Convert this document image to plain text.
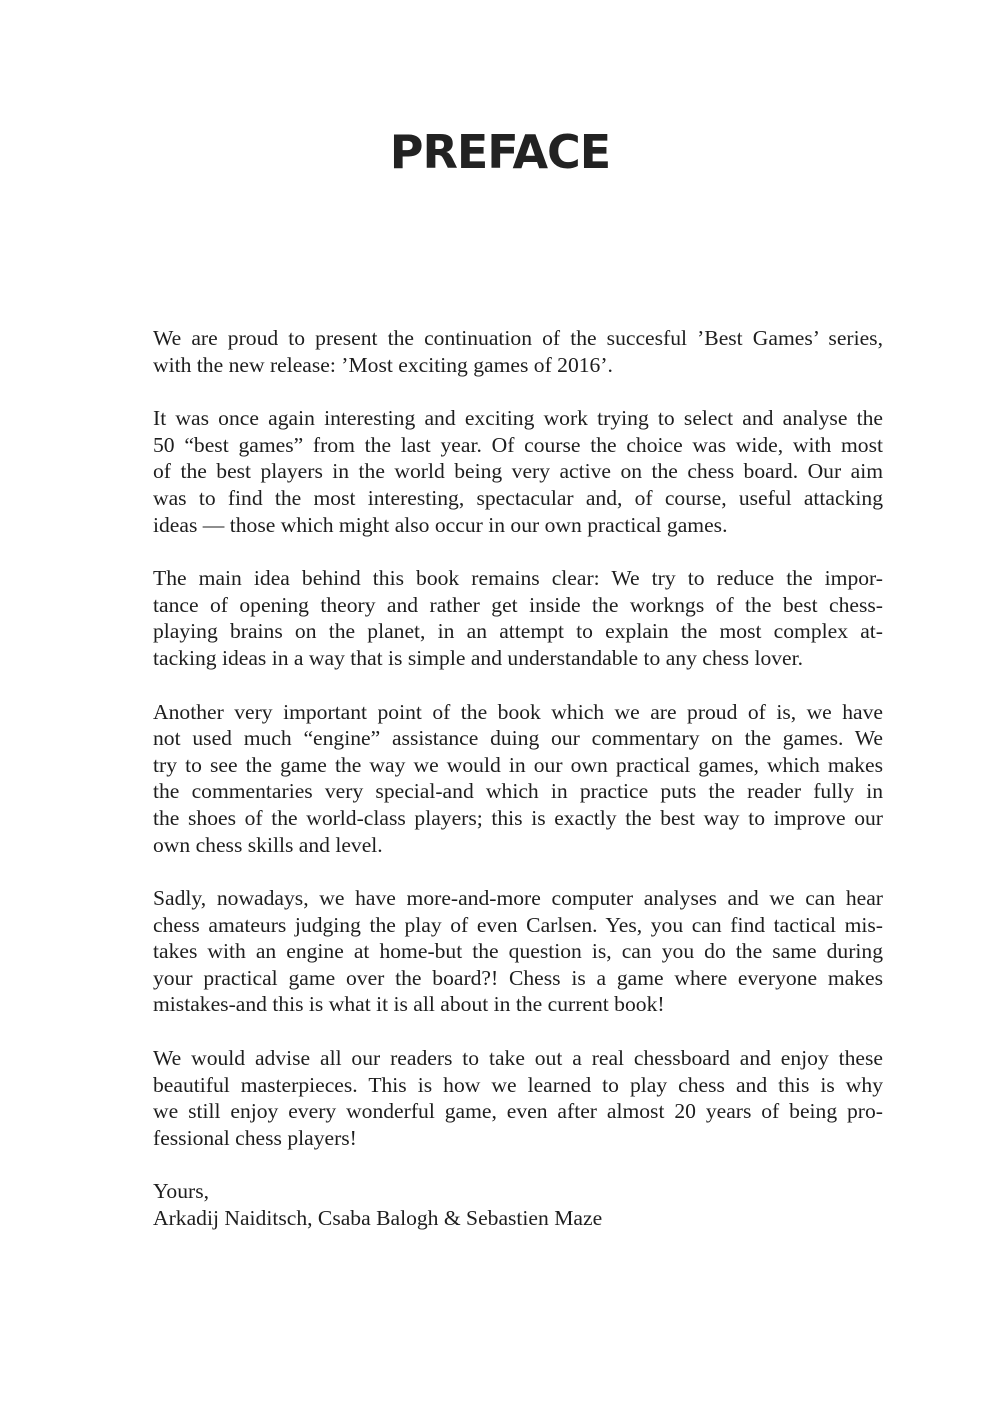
PREFACE

We are proud to present the continuation of the succesful ’Best Games’ series,
with the new release: ’Most exciting games of 2016’.

It was once again interesting and exciting work trying to select and analyse the
50 “best games” from the last year. Of course the choice was wide, with most
of the best players in the world being very active on the chess board. Our aim
was to find the most interesting, spectacular and, of course, useful attacking
ideas — those which might also occur in our own practical games.

The main idea behind this book remains clear: We try to reduce the impor-
tance of opening theory and rather get inside the workngs of the best chess-
playing brains on the planet, in an attempt to explain the most complex at-
tacking ideas in a way that is simple and understandable to any chess lover.

Another very important point of the book which we are proud of is, we have
not used much “engine” assistance duing our commentary on the games. We
try to see the game the way we would in our own practical games, which makes
the commentaries very special-and which in practice puts the reader fully in
the shoes of the world-class players; this is exactly the best way to improve our
own chess skills and level.

Sadly, nowadays, we have more-and-more computer analyses and we can hear
chess amateurs judging the play of even Carlsen. Yes, you can find tactical mis-
takes with an engine at home-but the question is, can you do the same during
your practical game over the board?! Chess is a game where everyone makes
mistakes-and this is what it is all about in the current book!

We would advise all our readers to take out a real chessboard and enjoy these
beautiful masterpieces. This is how we learned to play chess and this is why
we still enjoy every wonderful game, even after almost 20 years of being pro-
fessional chess players!

Yours,
Arkadij Naiditsch, Csaba Balogh & Sebastien Maze
